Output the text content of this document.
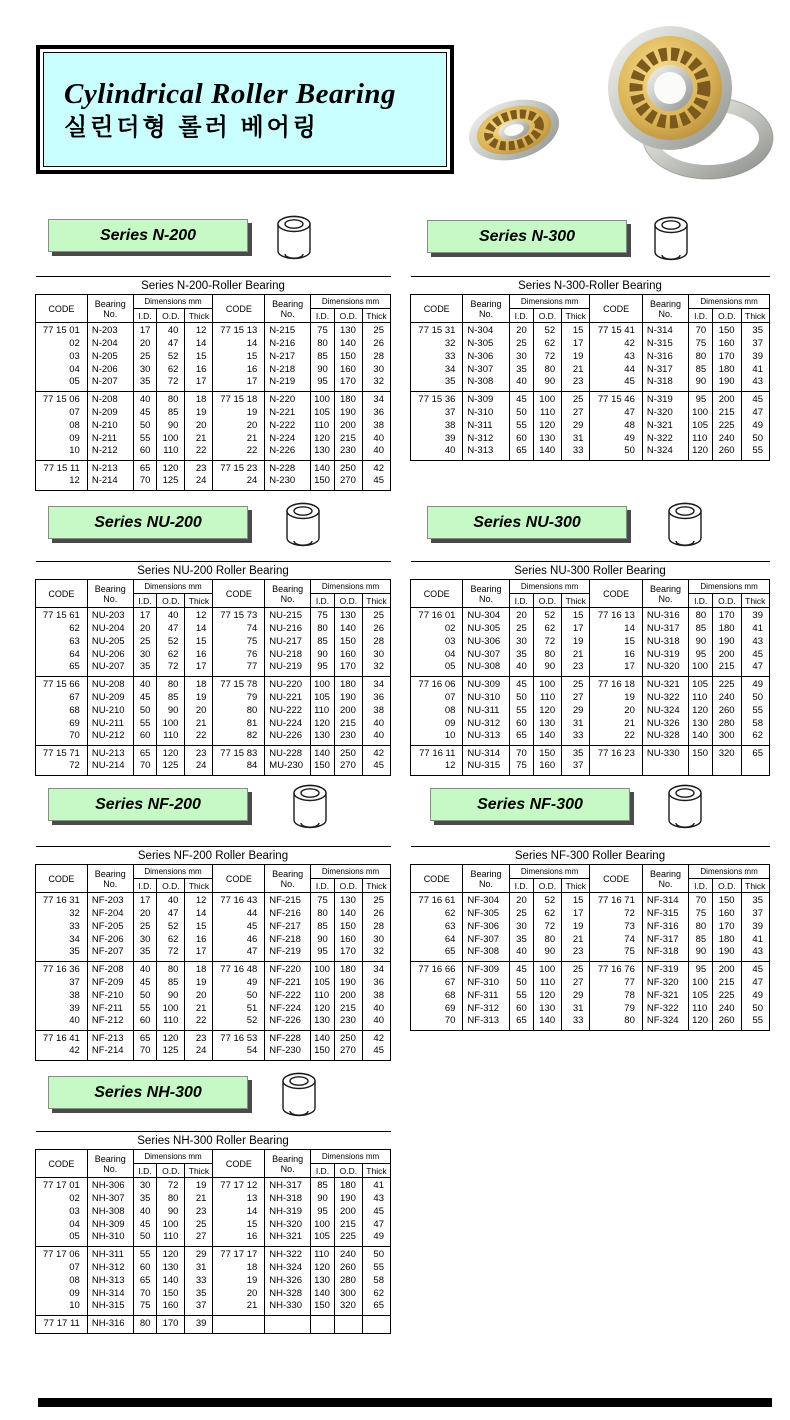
Cylindrical Roller Bearing
실린더형 롤러 베어링
Series N-200	Series N-300
Series N-200-Roller Bearing									
CODE	Bearing No.	Dimensions mm			CODE	Bearing No.	Dimensions mm		
		I.D.	O.D.	Thick			I.D.	O.D.	Thick
77 15 01	N-203	17	40	12	77 15 13	N-215	75	130	25
02	N-204	20	47	14	14	N-216	80	140	26
03	N-205	25	52	15	15	N-217	85	150	28
04	N-206	30	62	16	16	N-218	90	160	30
05	N-207	35	72	17	17	N-219	95	170	32
77 15 06	N-208	40	80	18	77 15 18	N-220	100	180	34
07	N-209	45	85	19	19	N-221	105	190	36
08	N-210	50	90	20	20	N-222	110	200	38
09	N-211	55	100	21	21	N-224	120	215	40
10	N-212	60	110	22	22	N-226	130	230	40
77 15 11	N-213	65	120	23	77 15 23	N-228	140	250	42
12	N-214	70	125	24	24	N-230	150	270	45
Series N-300-Roller Bearing									
CODE	Bearing No.	Dimensions mm			CODE	Bearing No.	Dimensions mm		
		I.D.	O.D.	Thick			I.D.	O.D.	Thick
77 15 31	N-304	20	52	15	77 15 41	N-314	70	150	35
32	N-305	25	62	17	42	N-315	75	160	37
33	N-306	30	72	19	43	N-316	80	170	39
34	N-307	35	80	21	44	N-317	85	180	41
35	N-308	40	90	23	45	N-318	90	190	43
77 15 36	N-309	45	100	25	77 15 46	N-319	95	200	45
37	N-310	50	110	27	47	N-320	100	215	47
38	N-311	55	120	29	48	N-321	105	225	49
39	N-312	60	130	31	49	N-322	110	240	50
40	N-313	65	140	33	50	N-324	120	260	55
Series NU-200	Series NU-300
Series NU-200 Roller Bearing									
CODE	Bearing No.	Dimensions mm			CODE	Bearing No.	Dimensions mm		
		I.D.	O.D.	Thick			I.D.	O.D.	Thick
77 15 61	NU-203	17	40	12	77 15 73	NU-215	75	130	25
62	NU-204	20	47	14	74	NU-216	80	140	26
63	NU-205	25	52	15	75	NU-217	85	150	28
64	NU-206	30	62	16	76	NU-218	90	160	30
65	NU-207	35	72	17	77	NU-219	95	170	32
77 15 66	NU-208	40	80	18	77 15 78	NU-220	100	180	34
67	NU-209	45	85	19	79	NU-221	105	190	36
68	NU-210	50	90	20	80	NU-222	110	200	38
69	NU-211	55	100	21	81	NU-224	120	215	40
70	NU-212	60	110	22	82	NU-226	130	230	40
77 15 71	NU-213	65	120	23	77 15 83	NU-228	140	250	42
72	NU-214	70	125	24	84	MU-230	150	270	45
Series NU-300 Roller Bearing									
CODE	Bearing No.	Dimensions mm			CODE	Bearing No.	Dimensions mm		
		I.D.	O.D.	Thick			I.D.	O.D.	Thick
77 16 01	NU-304	20	52	15	77 16 13	NU-316	80	170	39
02	NU-305	25	62	17	14	NU-317	85	180	41
03	NU-306	30	72	19	15	NU-318	90	190	43
04	NU-307	35	80	21	16	NU-319	95	200	45
05	NU-308	40	90	23	17	NU-320	100	215	47
77 16 06	NU-309	45	100	25	77 16 18	NU-321	105	225	49
07	NU-310	50	110	27	19	NU-322	110	240	50
08	NU-311	55	120	29	20	NU-324	120	260	55
09	NU-312	60	130	31	21	NU-326	130	280	58
10	NU-313	65	140	33	22	NU-328	140	300	62
77 16 11	NU-314	70	150	35	77 16 23	NU-330	150	320	65
12	NU-315	75	160	37					
Series NF-200	Series NF-300
Series NF-200 Roller Bearing									
CODE	Bearing No.	Dimensions mm			CODE	Bearing No.	Dimensions mm		
		I.D.	O.D.	Thick			I.D.	O.D.	Thick
77 16 31	NF-203	17	40	12	77 16 43	NF-215	75	130	25
32	NF-204	20	47	14	44	NF-216	80	140	26
33	NF-205	25	52	15	45	NF-217	85	150	28
34	NF-206	30	62	16	46	NF-218	90	160	30
35	NF-207	35	72	17	47	NF-219	95	170	32
77 16 36	NF-208	40	80	18	77 16 48	NF-220	100	180	34
37	NF-209	45	85	19	49	NF-221	105	190	36
38	NF-210	50	90	20	50	NF-222	110	200	38
39	NF-211	55	100	21	51	NF-224	120	215	40
40	NF-212	60	110	22	52	NF-226	130	230	40
77 16 41	NF-213	65	120	23	77 16 53	NF-228	140	250	42
42	NF-214	70	125	24	54	NF-230	150	270	45
Series NF-300 Roller Bearing									
CODE	Bearing No.	Dimensions mm			CODE	Bearing No.	Dimensions mm		
		I.D.	O.D.	Thick			I.D.	O.D.	Thick
77 16 61	NF-304	20	52	15	77 16 71	NF-314	70	150	35
62	NF-305	25	62	17	72	NF-315	75	160	37
63	NF-306	30	72	19	73	NF-316	80	170	39
64	NF-307	35	80	21	74	NF-317	85	180	41
65	NF-308	40	90	23	75	NF-318	90	190	43
77 16 66	NF-309	45	100	25	77 16 76	NF-319	95	200	45
67	NF-310	50	110	27	77	NF-320	100	215	47
68	NF-311	55	120	29	78	NF-321	105	225	49
69	NF-312	60	130	31	79	NF-322	110	240	50
70	NF-313	65	140	33	80	NF-324	120	260	55
Series NH-300
Series NH-300 Roller Bearing									
CODE	Bearing No.	Dimensions mm			CODE	Bearing No.	Dimensions mm		
		I.D.	O.D.	Thick			I.D.	O.D.	Thick
77 17 01	NH-306	30	72	19	77 17 12	NH-317	85	180	41
02	NH-307	35	80	21	13	NH-318	90	190	43
03	NH-308	40	90	23	14	NH-319	95	200	45
04	NH-309	45	100	25	15	NH-320	100	215	47
05	NH-310	50	110	27	16	NH-321	105	225	49
77 17 06	NH-311	55	120	29	77 17 17	NH-322	110	240	50
07	NH-312	60	130	31	18	NH-324	120	260	55
08	NH-313	65	140	33	19	NH-326	130	280	58
09	NH-314	70	150	35	20	NH-328	140	300	62
10	NH-315	75	160	37	21	NH-330	150	320	65
77 17 11	NH-316	80	170	39					
